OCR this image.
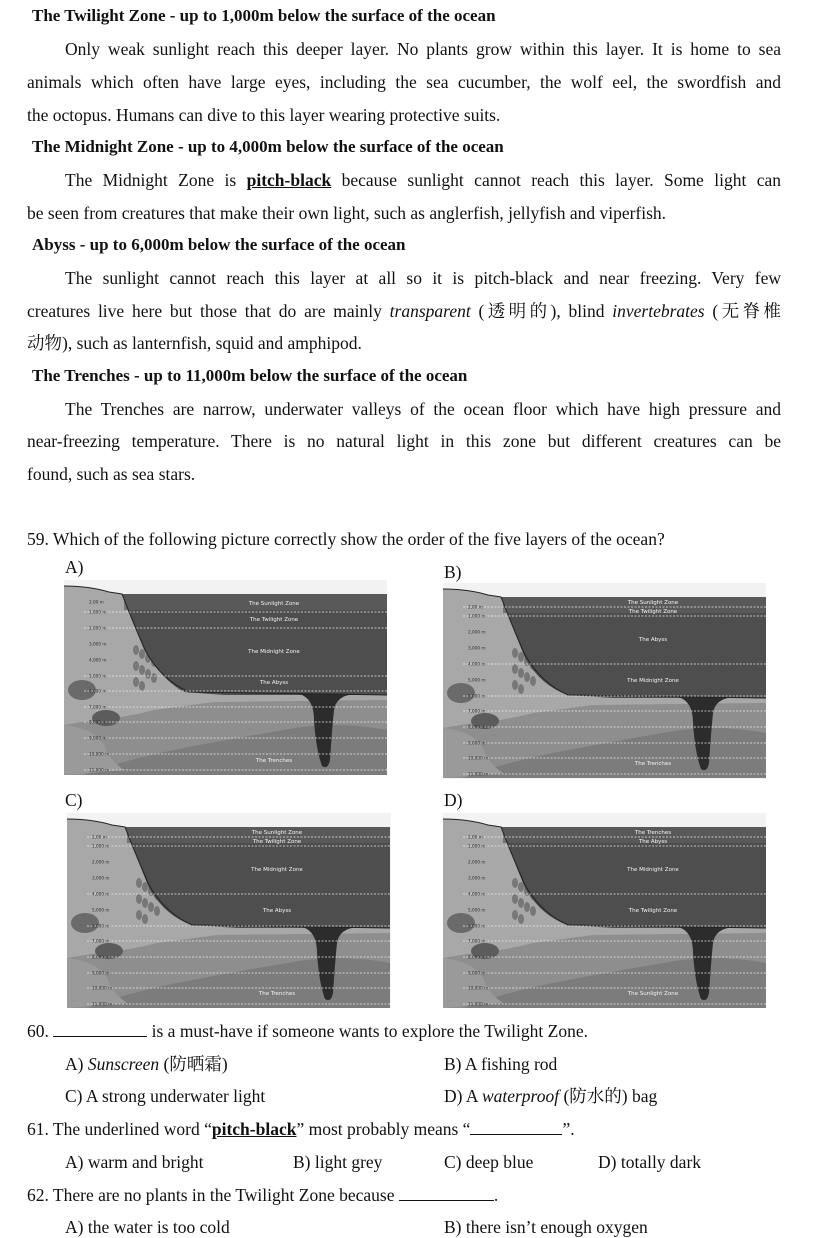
The Twilight Zone - up to 1,000m below the surface of the ocean
Only weak sunlight reach this deeper layer. No plants grow within this layer. It is home to sea
animals which often have large eyes, including the sea cucumber, the wolf eel, the swordfish and
the octopus. Humans can dive to this layer wearing protective suits.
The Midnight Zone - up to 4,000m below the surface of the ocean
The Midnight Zone is pitch-black because sunlight cannot reach this layer. Some light can
be seen from creatures that make their own light, such as anglerfish, jellyfish and viperfish.
Abyss - up to 6,000m below the surface of the ocean
The sunlight cannot reach this layer at all so it is pitch-black and near freezing. Very few
creatures live here but those that do are mainly transparent (透明的), blind invertebrates (无脊椎
动物), such as lanternfish, squid and amphipod.
The Trenches - up to 11,000m below the surface of the ocean
The Trenches are narrow, underwater valleys of the ocean floor which have high pressure and
near-freezing temperature. There is no natural light in this zone but different creatures can be
found, such as sea stars.
59. Which of the following picture correctly show the order of the five layers of the ocean?
A)	B)
C)	D)
2,00 m
1,000 m
2,000 m
3,000 m
4,000 m
5,000 m
6,000 m
7,000 m
8,000 m
9,000 m
10,000 m
11,000 m
The Sunlight Zone
The Twilight Zone
The Midnight Zone
The Abyss
The Trenches
2,00 m
1,000 m
2,000 m
3,000 m
4,000 m
5,000 m
6,000 m
7,000 m
8,000 m
9,000 m
10,000 m
11,000 m
The Sunlight Zone
The Twilight Zone
The Abyss
The Midnight Zone
The Trenches
2,00 m
1,000 m
2,000 m
3,000 m
4,000 m
5,000 m
6,000 m
7,000 m
8,000 m
9,000 m
10,000 m
11,000 m
The Sunlight Zone
The Twilight Zone
The Midnight Zone
The Abyss
The Trenches
2,00 m
1,000 m
2,000 m
3,000 m
4,000 m
5,000 m
6,000 m
7,000 m
8,000 m
9,000 m
10,000 m
11,000 m
The Trenches
The Abyss
The Midnight Zone
The Twilight Zone
The Sunlight Zone
60.	is a must-have if someone wants to explore the Twilight Zone.
A) Sunscreen (防晒霜)	B) A fishing rod
C) A strong underwater light	D) A waterproof (防水的) bag
61. The underlined word “pitch-black” most probably means “	”.
A) warm and bright	B) light grey	C) deep blue	D) totally dark
62. There are no plants in the Twilight Zone because	.
A) the water is too cold	B) there isn’t enough oxygen
